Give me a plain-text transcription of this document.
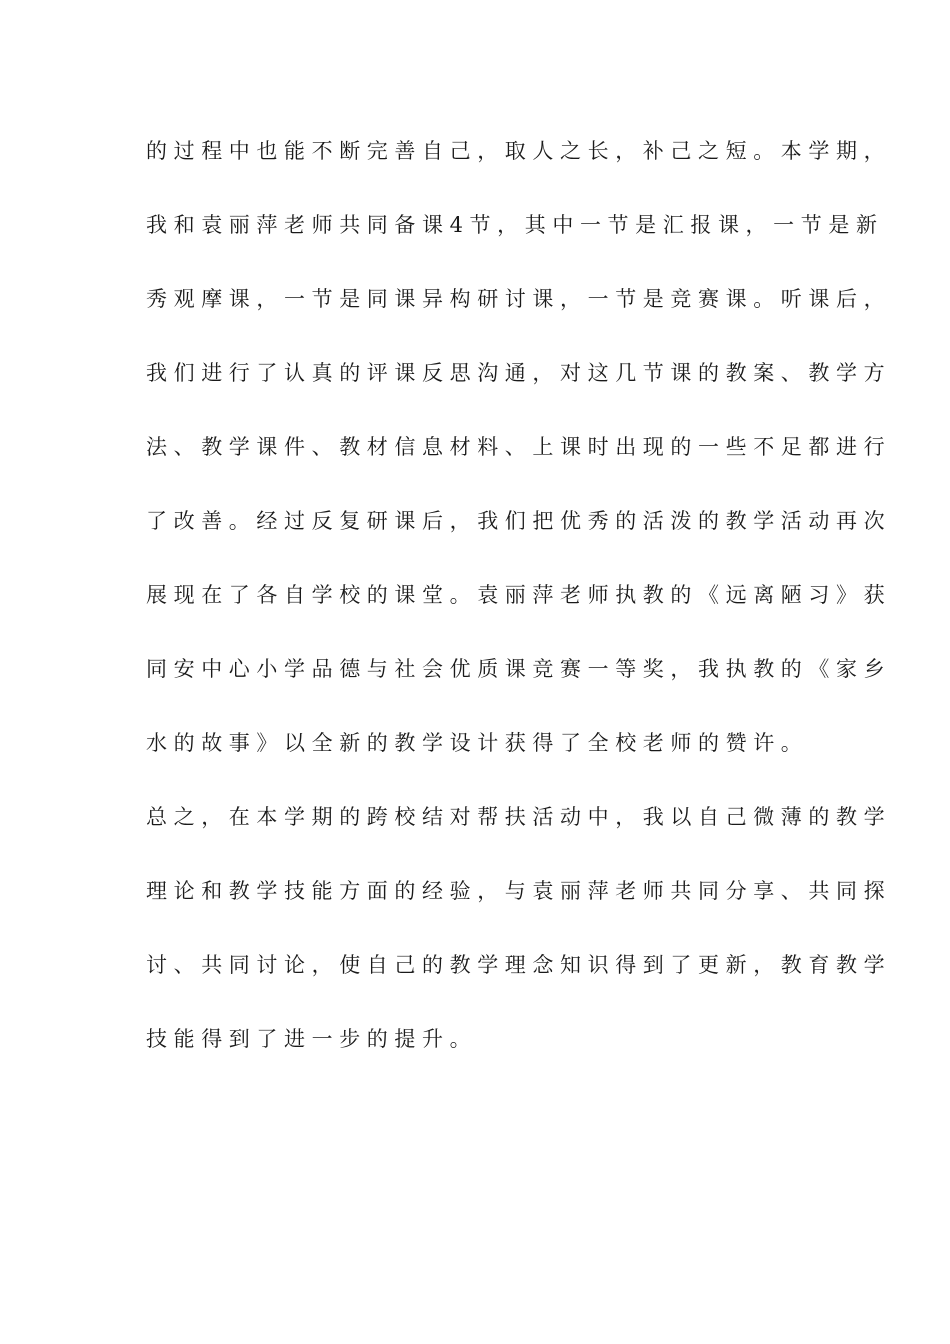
的过程中也能不断完善自己，取人之长，补己之短。本学期，
我和袁丽萍老师共同备课4节，其中一节是汇报课，一节是新
秀观摩课，一节是同课异构研讨课，一节是竞赛课。听课后，
我们进行了认真的评课反思沟通，对这几节课的教案、教学方
法、教学课件、教材信息材料、上课时出现的一些不足都进行
了改善。经过反复研课后，我们把优秀的活泼的教学活动再次
展现在了各自学校的课堂。袁丽萍老师执教的《远离陋习》获
同安中心小学品德与社会优质课竞赛一等奖，我执教的《家乡
水的故事》以全新的教学设计获得了全校老师的赞许。
总之，在本学期的跨校结对帮扶活动中，我以自己微薄的教学
理论和教学技能方面的经验，与袁丽萍老师共同分享、共同探
讨、共同讨论，使自己的教学理念知识得到了更新，教育教学
技能得到了进一步的提升。
